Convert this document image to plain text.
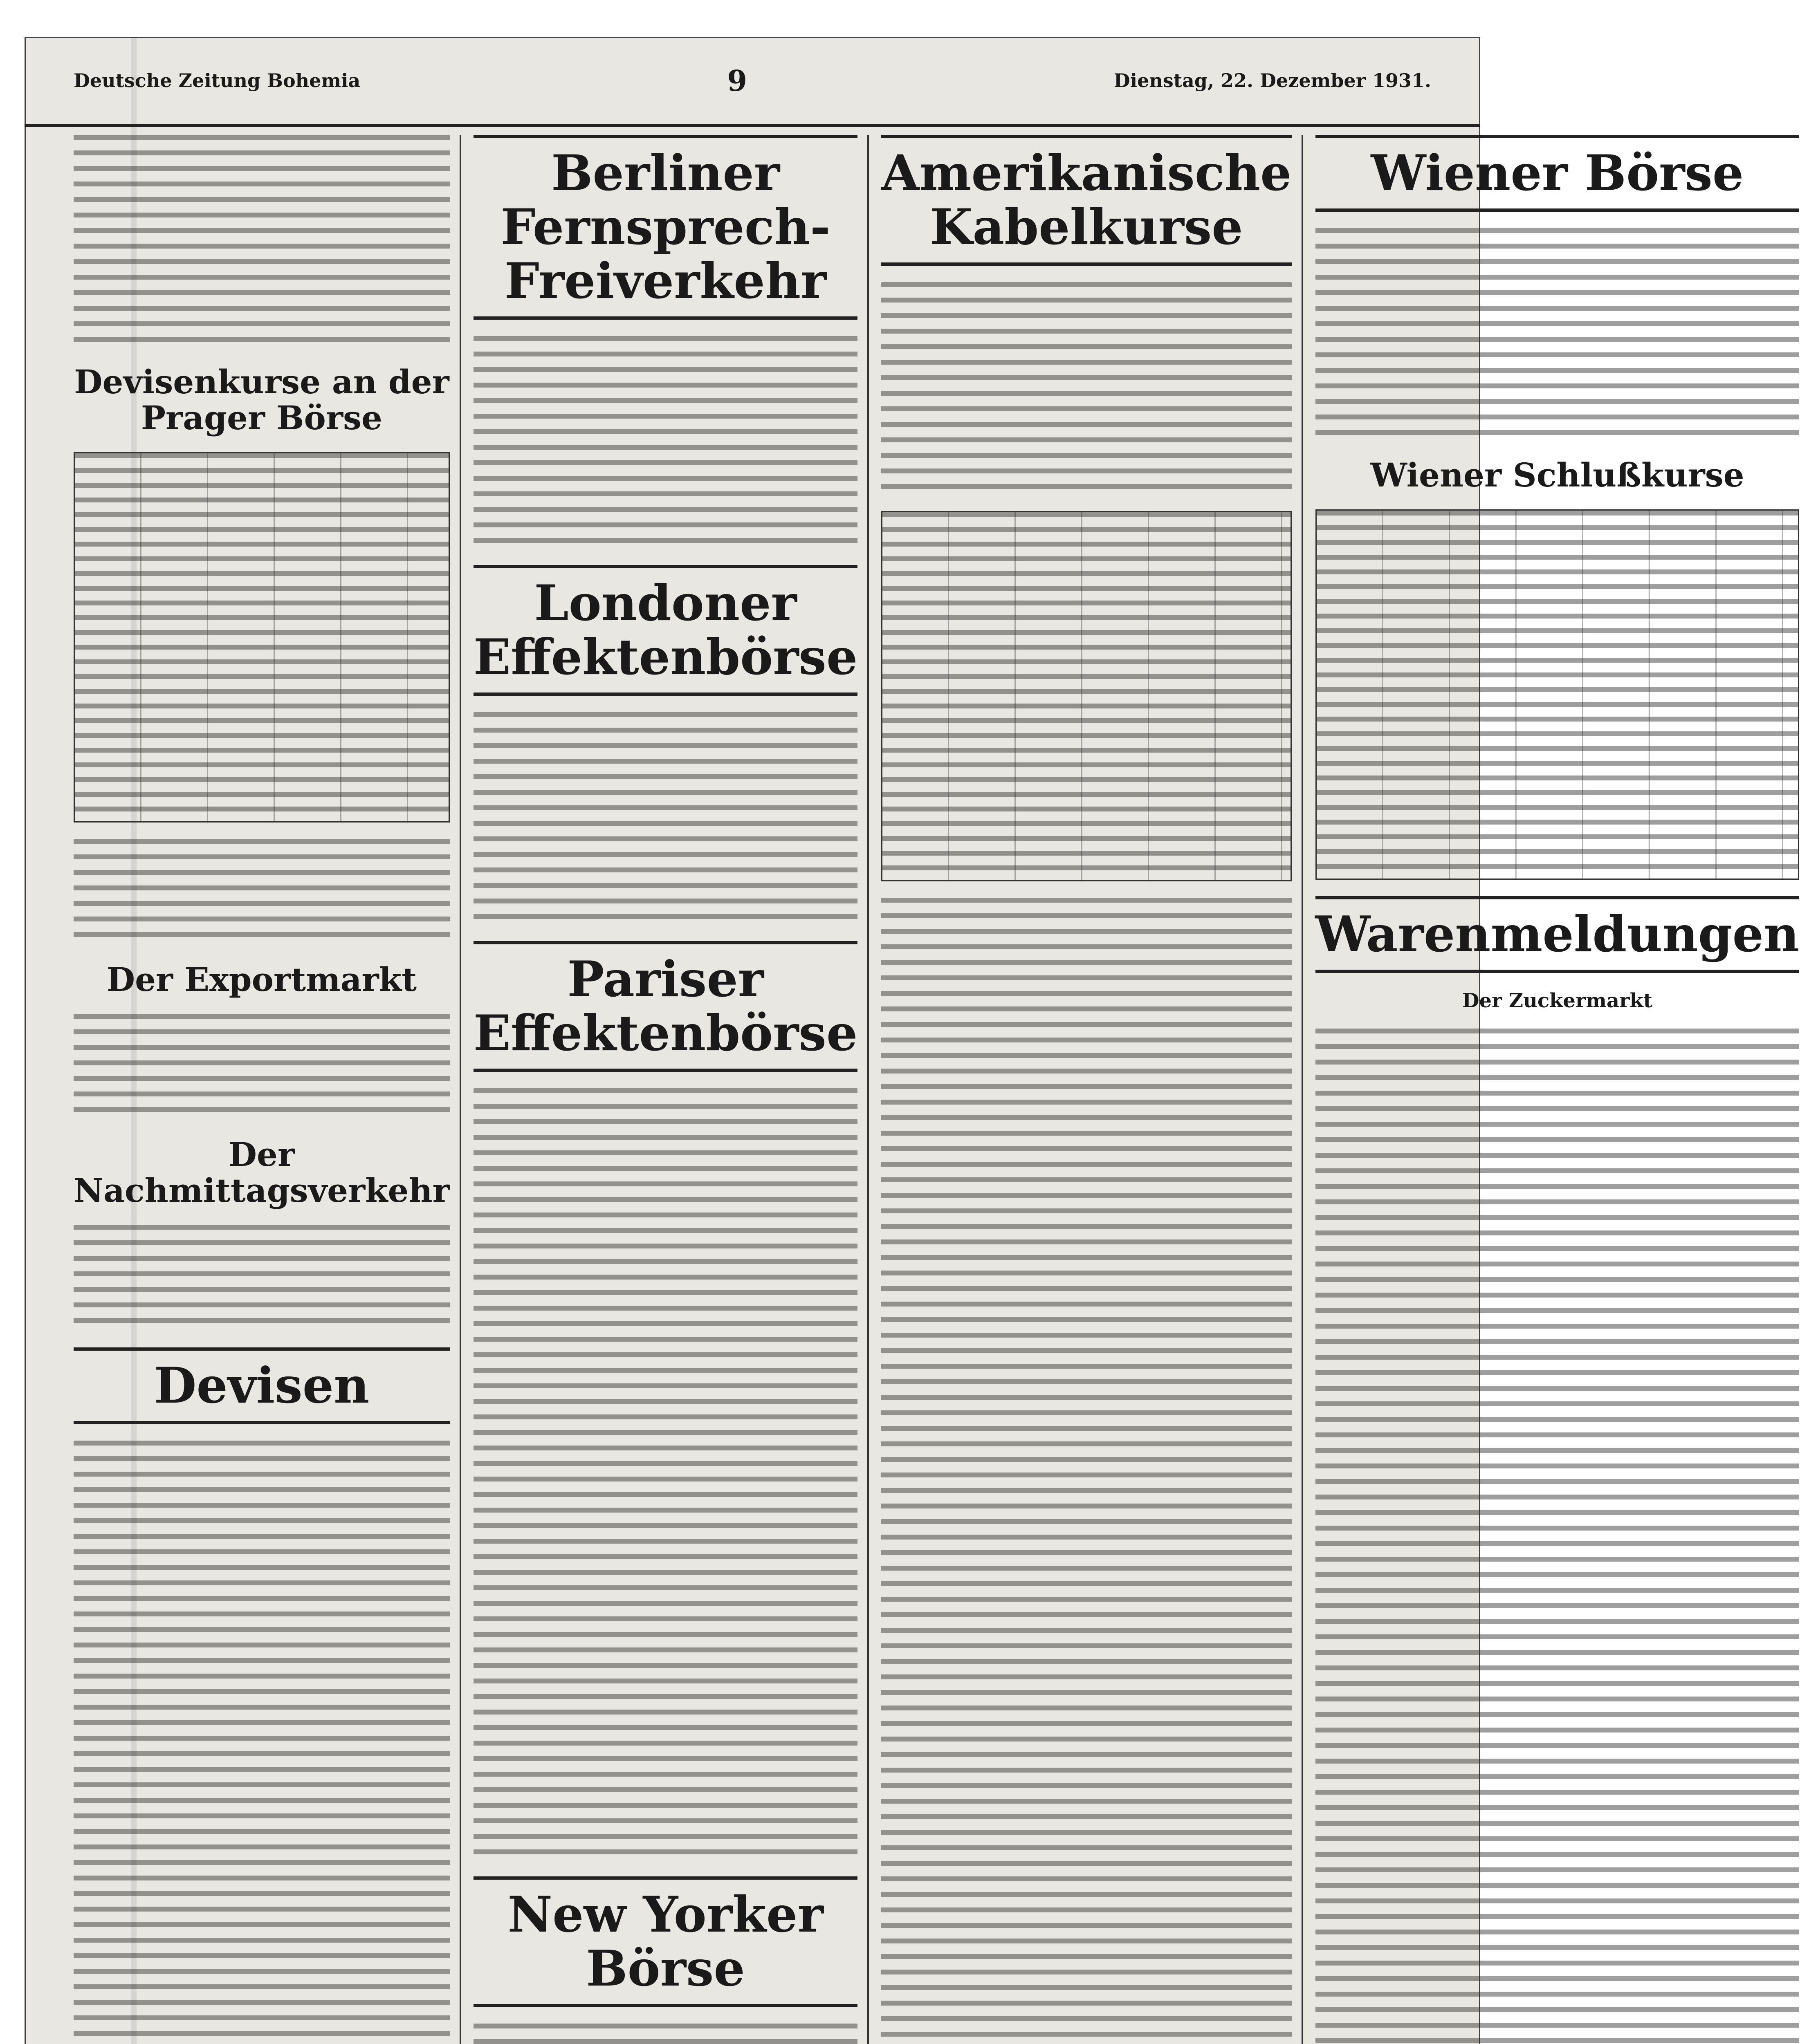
Deutsche Zeitung Bohemia	9	Dienstag, 22. Dezember 1931.
Devisenkurse an der Prager Börse
Der Exportmarkt
Der Nachmittagsverkehr
Devisen
Berliner Fernsprech-Freiverkehr
Londoner Effektenbörse
Pariser Effektenbörse
New Yorker Börse
Amerikanische Kabelkurse
Wiener Börse
Wiener Schlußkurse
Warenmeldungen
Der Zuckermarkt
